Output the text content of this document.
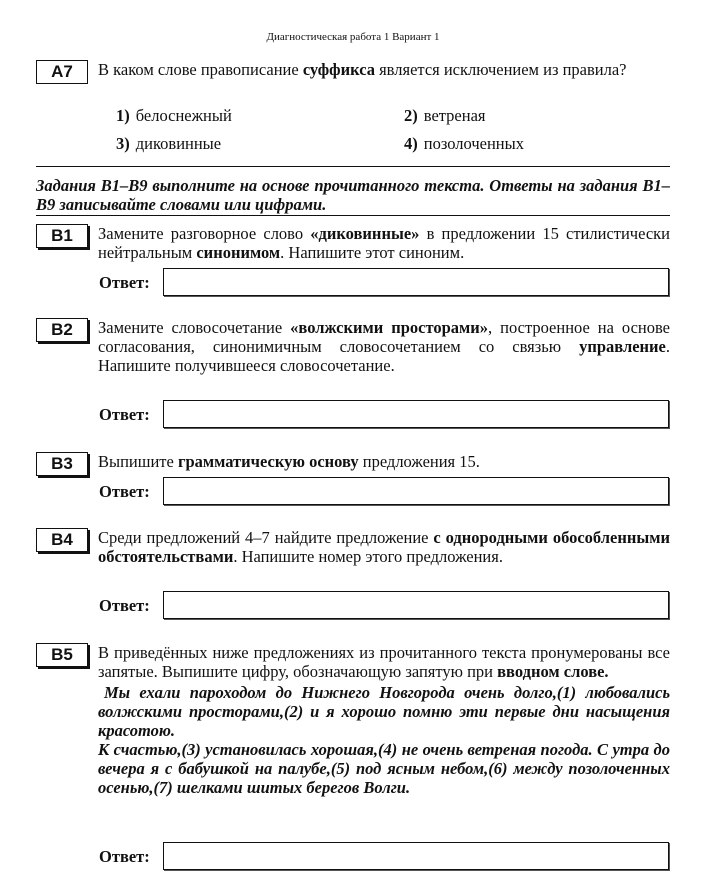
Диагностическая работа 1 Вариант 1
A7	В каком слове правописание суффикса является исключением из правила?
1) белоснежный	2) ветреная
3) диковинные	4) позолоченных
Задания В1–В9 выполните на основе прочитанного текста. Ответы на задания В1–В9 записывайте словами или цифрами.
B1	Замените разговорное слово «диковинные» в предложении 15 стилистически нейтральным синонимом. Напишите этот синоним.
Ответ:
B2	Замените словосочетание «волжскими просторами», построенное на основе согласования, синонимичным словосочетанием со связью управление. Напишите получившееся словосочетание.
Ответ:
B3	Выпишите грамматическую основу предложения 15.
Ответ:
B4	Среди предложений 4–7 найдите предложение с однородными обособленными обстоятельствами. Напишите номер этого предложения.
Ответ:
B5	В приведённых ниже предложениях из прочитанного текста пронумерованы все запятые. Выпишите цифру, обозначающую запятую при вводном слове.
Мы ехали пароходом до Нижнего Новгорода очень долго,(1) любовались волжскими просторами,(2) и я хорошо помню эти первые дни насыщения красотою.
К счастью,(3) установилась хорошая,(4) не очень ветреная погода. С утра до вечера я с бабушкой на палубе,(5) под ясным небом,(6) между позолоченных осенью,(7) шелками шитых берегов Волги.
Ответ:
